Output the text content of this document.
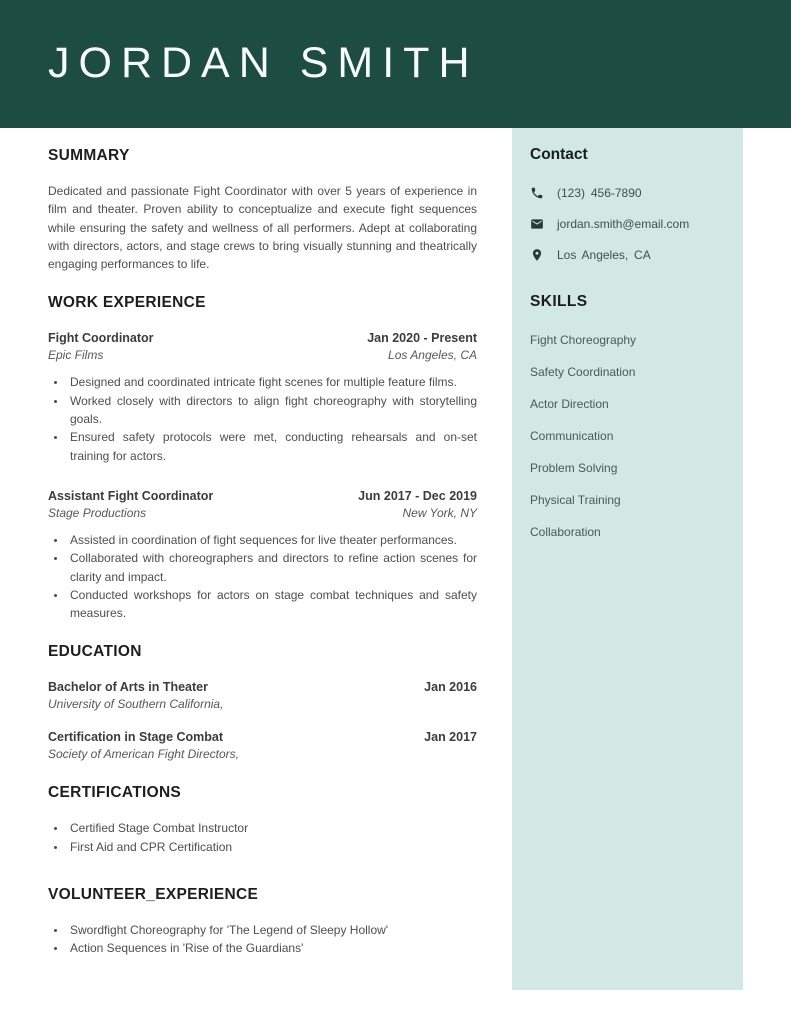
JORDAN SMITH
SUMMARY

Dedicated and passionate Fight Coordinator with over 5 years of experience in film and theater. Proven ability to conceptualize and execute fight sequences while ensuring the safety and wellness of all performers. Adept at collaborating with directors, actors, and stage crews to bring visually stunning and theatrically engaging performances to life.

WORK EXPERIENCE
Fight Coordinator	Jan 2020 - Present
Epic Films	Los Angeles, CA
• Designed and coordinated intricate fight scenes for multiple feature films.
• Worked closely with directors to align fight choreography with storytelling goals.
• Ensured safety protocols were met, conducting rehearsals and on-set training for actors.
Assistant Fight Coordinator	Jun 2017 - Dec 2019
Stage Productions	New York, NY
• Assisted in coordination of fight sequences for live theater performances.
• Collaborated with choreographers and directors to refine action scenes for clarity and impact.
• Conducted workshops for actors on stage combat techniques and safety measures.
EDUCATION
Bachelor of Arts in Theater	Jan 2016
University of Southern California,
Certification in Stage Combat	Jan 2017
Society of American Fight Directors,
CERTIFICATIONS
• Certified Stage Combat Instructor
• First Aid and CPR Certification
VOLUNTEER_EXPERIENCE
• Swordfight Choreography for 'The Legend of Sleepy Hollow'
• Action Sequences in 'Rise of the Guardians'
Contact
(123) 456-7890
jordan.smith@email.com
Los Angeles, CA
SKILLS
Fight Choreography
Safety Coordination
Actor Direction
Communication
Problem Solving
Physical Training
Collaboration
